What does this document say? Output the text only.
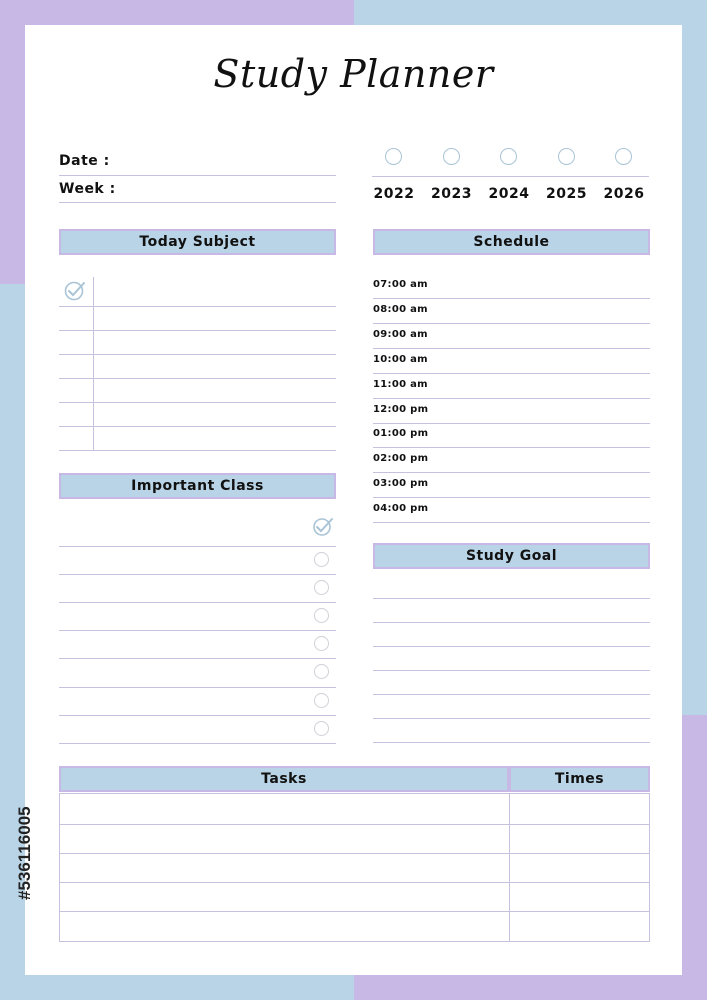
Study Planner
Date :
Week :	2022	2023	2024	2025	2026
Today Subject	Schedule
Important Class
Study Goal
Tasks	Times
07:00 am
08:00 am
09:00 am
10:00 am
11:00 am
12:00 pm
01:00 pm
02:00 pm
03:00 pm
04:00 pm
#536116005
